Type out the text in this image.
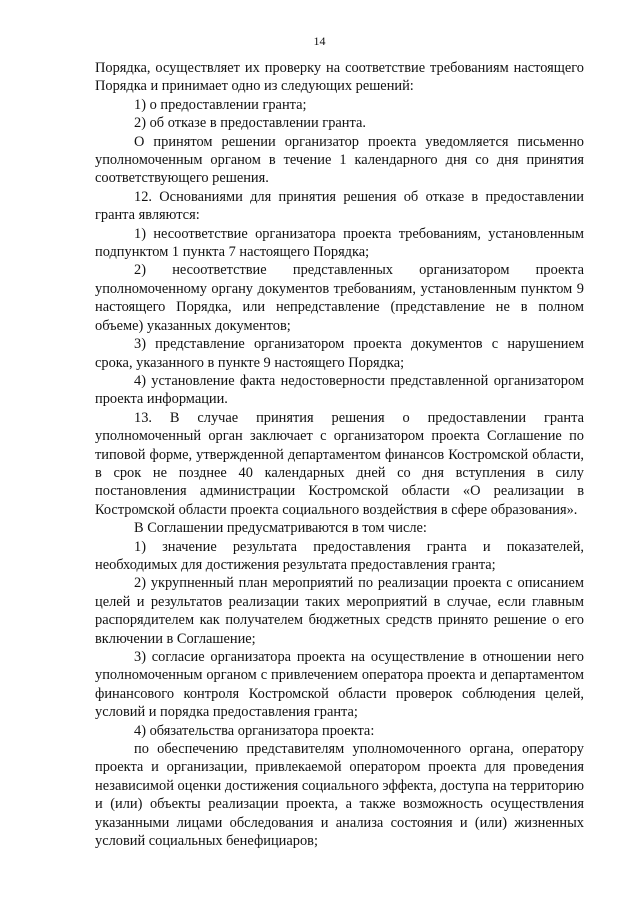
14

Порядка, осуществляет их проверку на соответствие требованиям настоящего Порядка и принимает одно из следующих решений:

1) о предоставлении гранта;

2) об отказе в предоставлении гранта.

О принятом решении организатор проекта уведомляется письменно уполномоченным органом в течение 1 календарного дня со дня принятия соответствующего решения.

12. Основаниями для принятия решения об отказе в предоставлении гранта являются:

1) несоответствие организатора проекта требованиям, установленным подпунктом 1 пункта 7 настоящего Порядка;

2) несоответствие представленных организатором проекта уполномоченному органу документов требованиям, установленным пунктом 9 настоящего Порядка, или непредставление (представление не в полном объеме) указанных документов;

3) представление организатором проекта документов с нарушением срока, указанного в пункте 9 настоящего Порядка;

4) установление факта недостоверности представленной организатором проекта информации.

13. В случае принятия решения о предоставлении гранта уполномоченный орган заключает с организатором проекта Соглашение по типовой форме, утвержденной департаментом финансов Костромской области, в срок не позднее 40 календарных дней со дня вступления в силу постановления администрации Костромской области «О реализации в Костромской области проекта социального воздействия в сфере образования».

В Соглашении предусматриваются в том числе:

1) значение результата предоставления гранта и показателей, необходимых для достижения результата предоставления гранта;

2) укрупненный план мероприятий по реализации проекта с описанием целей и результатов реализации таких мероприятий в случае, если главным распорядителем как получателем бюджетных средств принято решение о его включении в Соглашение;

3) согласие организатора проекта на осуществление в отношении него уполномоченным органом с привлечением оператора проекта и департаментом финансового контроля Костромской области проверок соблюдения целей, условий и порядка предоставления гранта;

4) обязательства организатора проекта:

по обеспечению представителям уполномоченного органа, оператору проекта и организации, привлекаемой оператором проекта для проведения независимой оценки достижения социального эффекта, доступа на территорию и (или) объекты реализации проекта, а также возможность осуществления указанными лицами обследования и анализа состояния и (или) жизненных условий социальных бенефициаров;
